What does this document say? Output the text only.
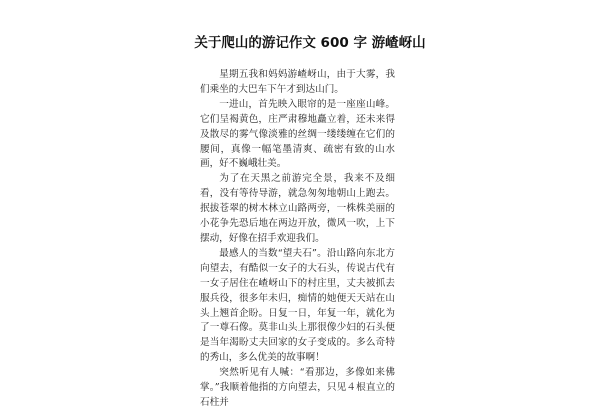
关于爬山的游记作文 600 字 游嵖岈山

星期五我和妈妈游嵖岈山，由于大雾，我们乘坐的大巴车下午才到达山门。

一进山，首先映入眼帘的是一座座山峰。它们呈褐黄色，庄严肃穆地矗立着，还未来得及散尽的雾气像淡雅的丝绸一缕缕缠在它们的腰间，真像一幅笔墨清爽、疏密有致的山水画，好不巍峨壮美。

为了在天黑之前游完全景，我来不及细看，没有等待导游，就急匆匆地朝山上跑去。抿拔苍翠的树木林立山路两旁，一株株美丽的小花争先恐后地在两边开放，微风一吹，上下摆动，好像在招手欢迎我们。

最感人的当数“望夫石”。沿山路向东北方向望去，有酷似一女子的大石头，传说古代有一女子居住在嵖岈山下的村庄里，丈夫被抓去服兵役，很多年未归，痴情的她便天天站在山头上翘首企盼。日复一日，年复一年，就化为了一尊石像。莫非山头上那很像少妇的石头便是当年渴盼丈夫回家的女子变成的。多么奇特的秀山，多么优美的故事啊！

突然听见有人喊：“看那边，多像如来佛掌。”我顺着他指的方向望去，只见４根直立的石柱并
